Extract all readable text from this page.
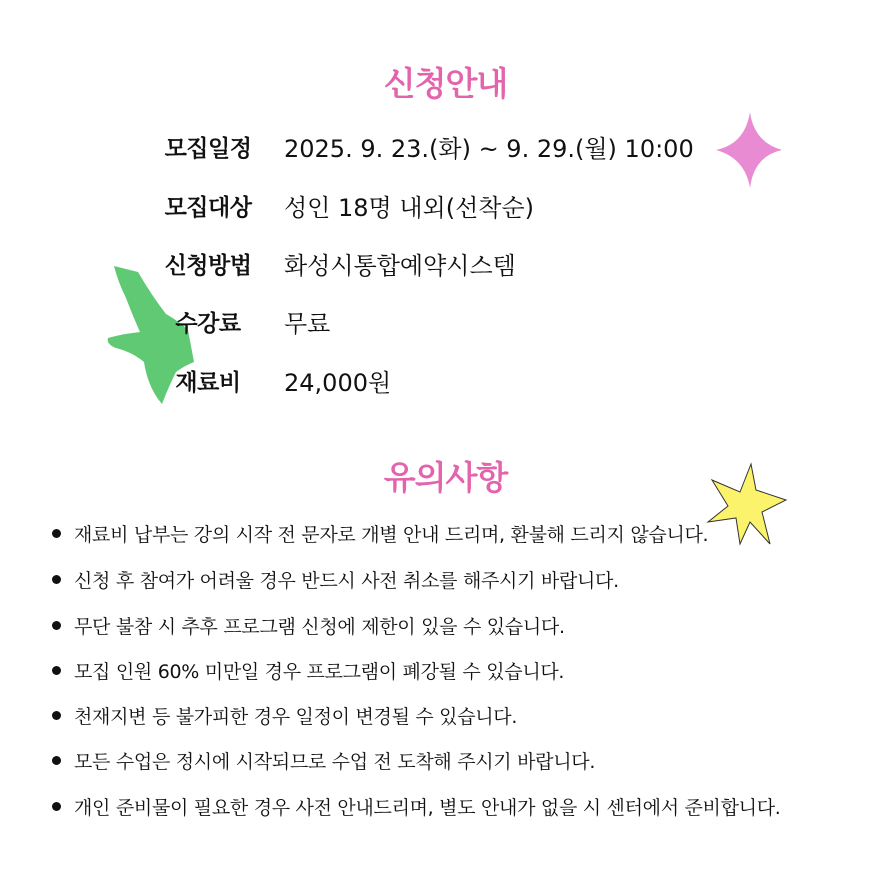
신청안내
모집일정	2025. 9. 23.(화) ~ 9. 29.(월) 10:00
모집대상	성인 18명 내외(선착순)
신청방법	화성시통합예약시스템
수강료	무료
재료비	24,000원
유의사항
재료비 납부는 강의 시작 전 문자로 개별 안내 드리며, 환불해 드리지 않습니다.
신청 후 참여가 어려울 경우 반드시 사전 취소를 해주시기 바랍니다.
무단 불참 시 추후 프로그램 신청에 제한이 있을 수 있습니다.
모집 인원 60% 미만일 경우 프로그램이 폐강될 수 있습니다.
천재지변 등 불가피한 경우 일정이 변경될 수 있습니다.
모든 수업은 정시에 시작되므로 수업 전 도착해 주시기 바랍니다.
개인 준비물이 필요한 경우 사전 안내드리며, 별도 안내가 없을 시 센터에서 준비합니다.
